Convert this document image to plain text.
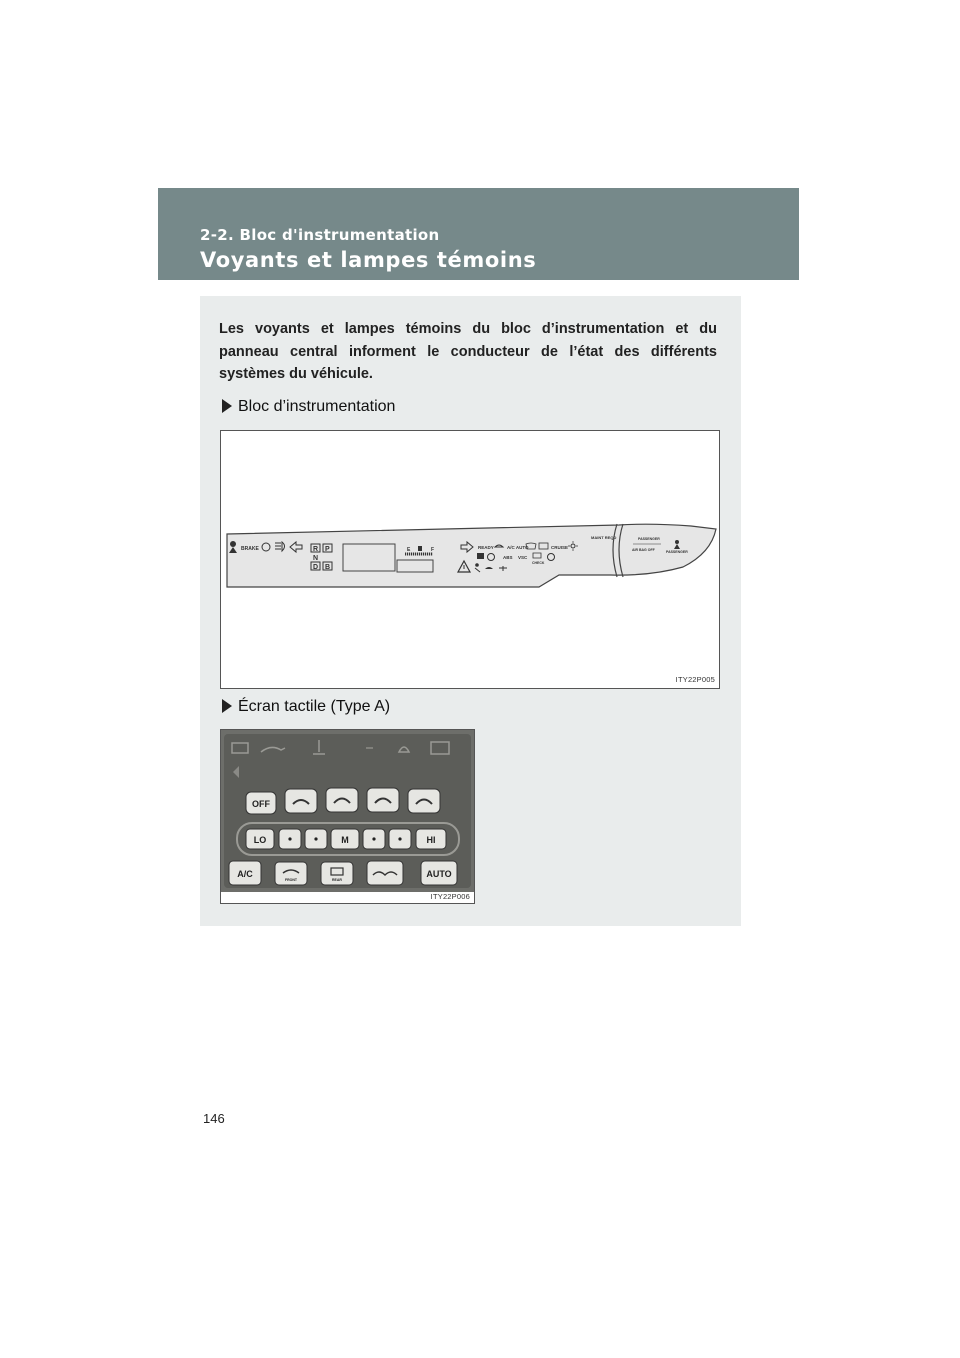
2-2. Bloc d'instrumentation
Voyants et lampes témoins
Les voyants et lampes témoins du bloc d’instrumentation et du panneau central informent le conducteur de l’état des différents systèmes du véhicule.
Bloc d’instrumentation
BRAKE	R
N
D
P
B
E	F	READY	A/C AUTO	CRUISE
ABS VSC
CHECK
MAINT REQD	PASSENGER
AIR BAG OFF	PASSENGER
ITY22P005
Écran tactile (Type A)
OFF
LO	M	HI
A/C
FRONT	REAR
AUTO
ITY22P006
146
